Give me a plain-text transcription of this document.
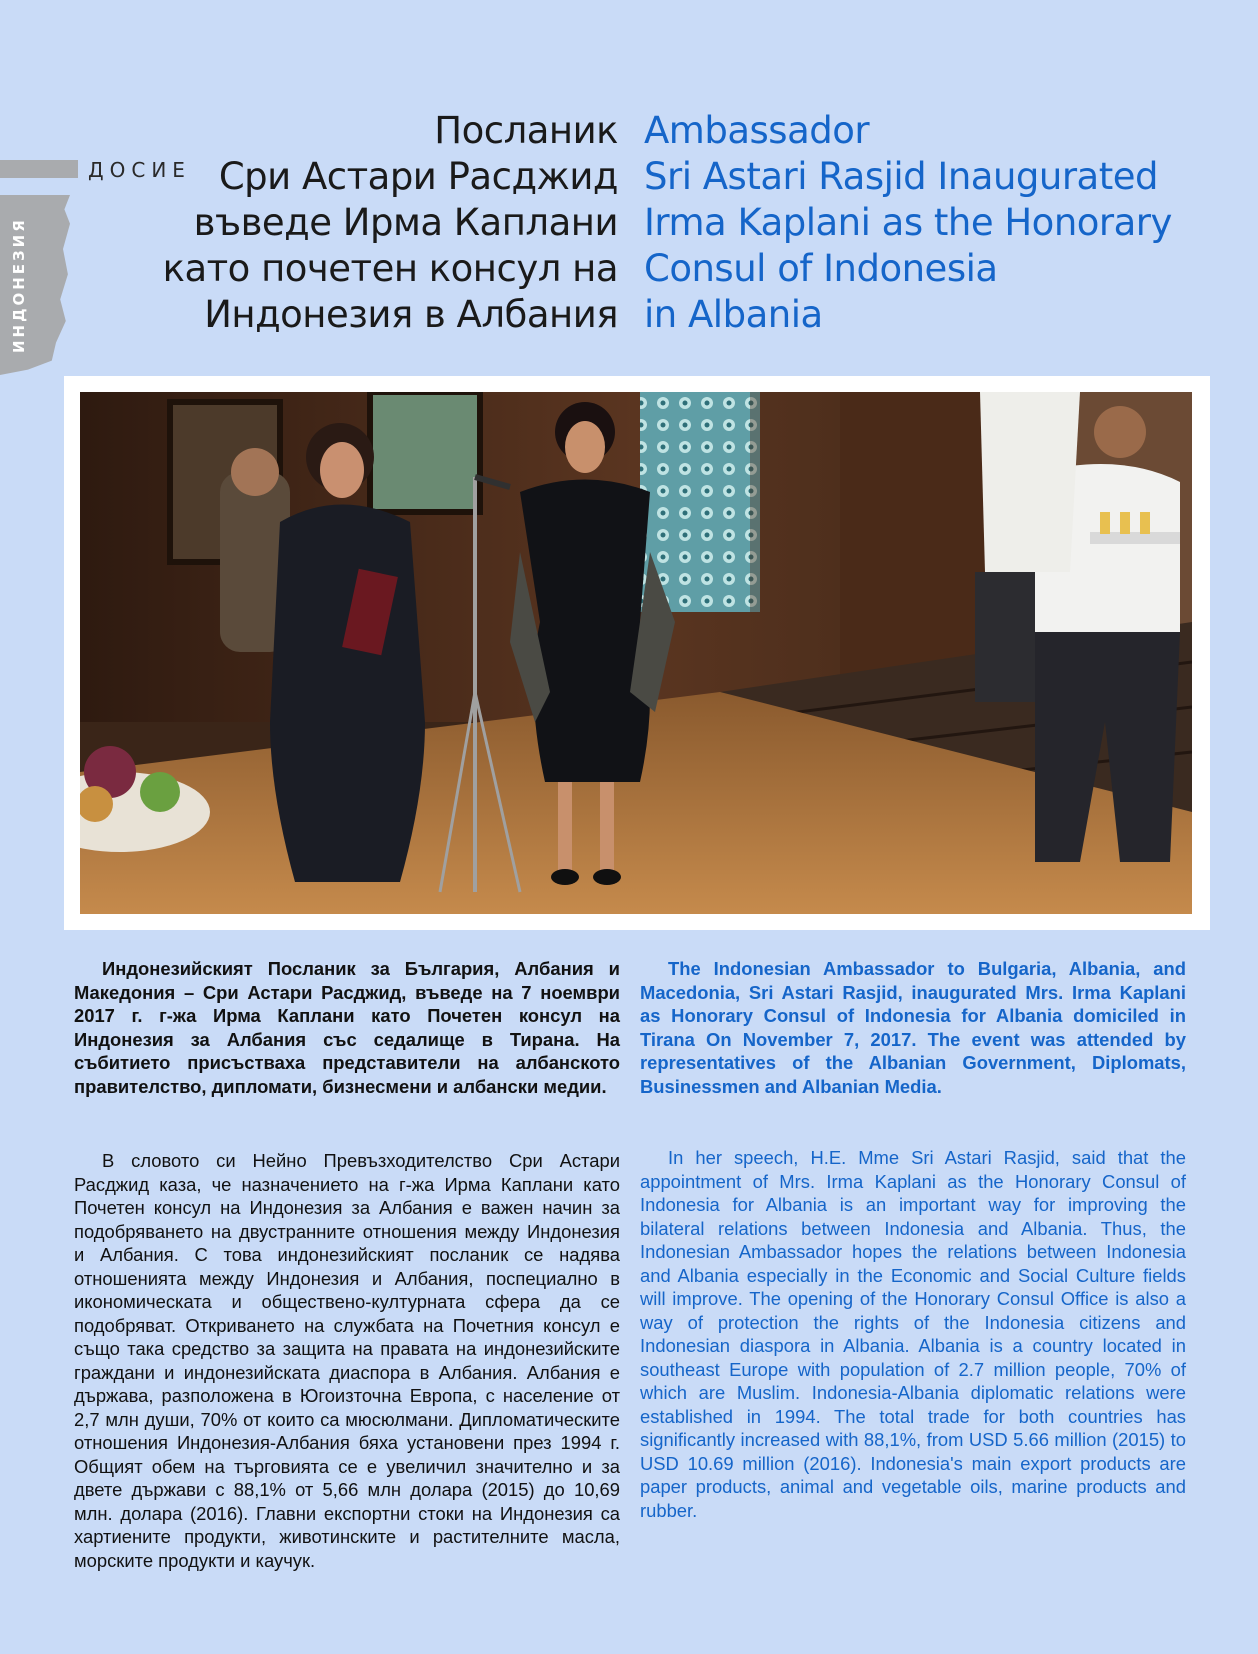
ДОСИЕ
ИНДОНЕЗИЯ
Посланик
Сри Астари Расджид
въведе Ирма Каплани
като почетен консул на
Индонезия в Албания
Ambassador
Sri Astari Rasjid Inaugurated
Irma Kaplani as the Honorary
Consul of Indonesia
in Albania

Индонезийският Посланик за България, Албания и Македония – Сри Астари Расджид, въведе на 7 ноември 2017 г. г-жа Ирма Каплани като Почетен консул на Индонезия за Албания със седалище в Тирана. На събитието присъстваха представители на албанското правителство, дипломати, бизнесмени и албански медии.

The Indonesian Ambassador to Bulgaria, Albania, and Macedonia, Sri Astari Rasjid, inaugurated Mrs. Irma Kaplani as Honorary Consul of Indonesia for Albania domiciled in Tirana On November 7, 2017. The event was attended by representatives of the Albanian Government, Diplomats, Businessmen and Albanian Media.

В словото си Нейно Превъзходителство Сри Астари Расджид каза, че назначението на г-жа Ирма Каплани като Почетен консул на Индонезия за Албания е важен начин за подобряването на двустранните отношения между Индонезия и Албания. С това индонезийският посланик се надява отношенията между Индонезия и Албания, поспециално в икономическата и обществено-културната сфера да се подобряват. Откриването на службата на Почетния консул е също така средство за защита на правата на индонезийските граждани и индонезийската диаспора в Албания. Албания е държава, разположена в Югоизточна Европа, с население от 2,7 млн души, 70% от които са мюсюлмани. Дипломатическите отношения Индонезия-Албания бяха установени през 1994 г. Общият обем на търговията се е увеличил значително и за двете държави с 88,1% от 5,66 млн долара (2015) до 10,69 млн. долара (2016). Главни експортни стоки на Индонезия са хартиените продукти, животинските и растителните масла, морските продукти и каучук.

In her speech, H.E. Mme Sri Astari Rasjid, said that the appointment of Mrs. Irma Kaplani as the Honorary Consul of Indonesia for Albania is an important way for improving the bilateral relations between Indonesia and Albania. Thus, the Indonesian Ambassador hopes the relations between Indonesia and Albania especially in the Economic and Social Culture fields will improve. The opening of the Honorary Consul Office is also a way of protection the rights of the Indonesia citizens and Indonesian diaspora in Albania. Albania is a country located in southeast Europe with population of 2.7 million people, 70% of which are Muslim. Indonesia-Albania diplomatic relations were established in 1994. The total trade for both countries has significantly increased with 88,1%, from USD 5.66 million (2015) to USD 10.69 million (2016). Indonesia's main export products are paper products, animal and vegetable oils, marine products and rubber.
